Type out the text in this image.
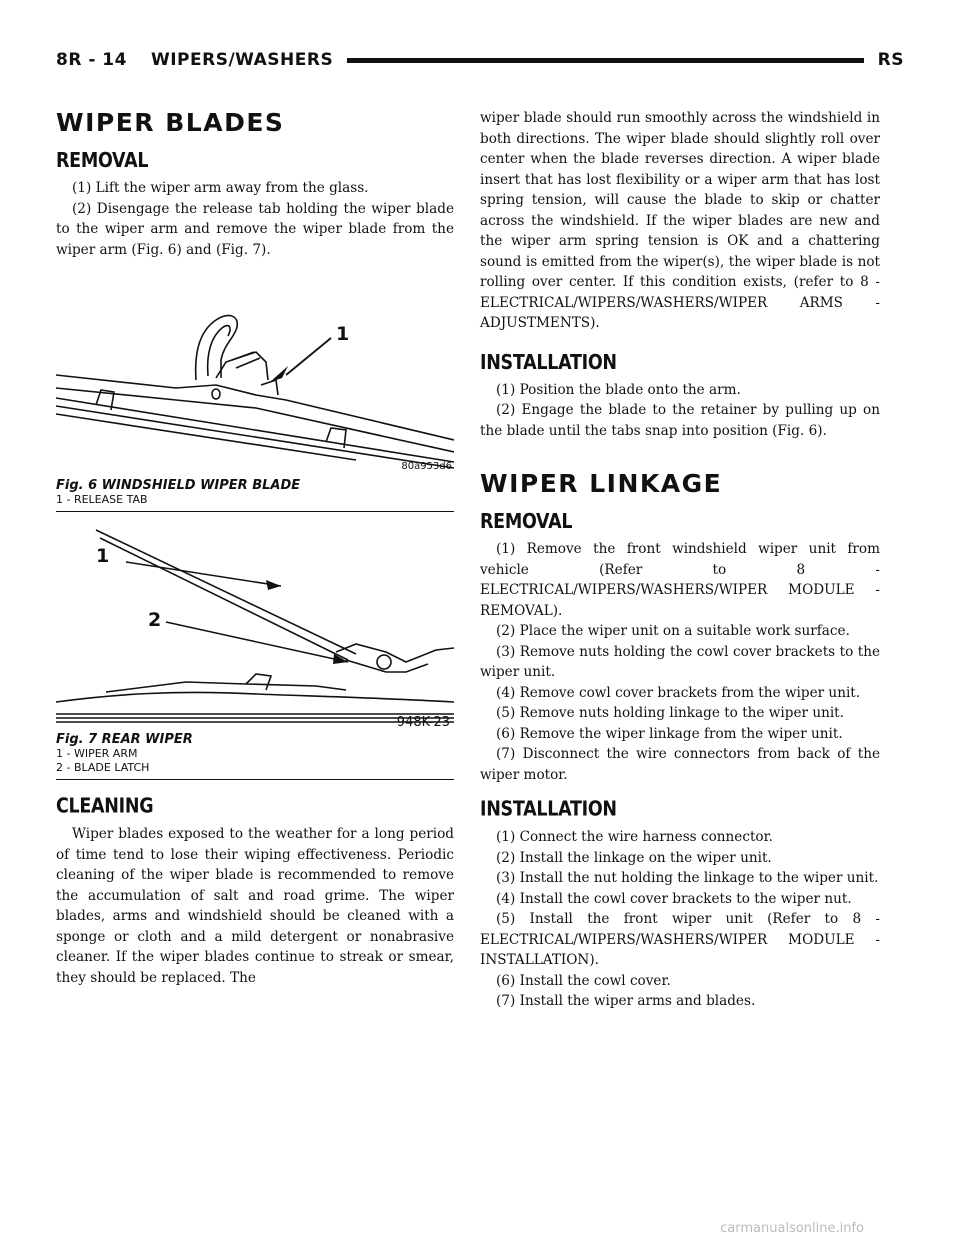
8R - 14 WIPERS/WASHERS	RS
WIPER BLADES
REMOVAL

(1) Lift the wiper arm away from the glass.

(2) Disengage the release tab holding the wiper blade to the wiper arm and remove the wiper blade from the wiper arm (Fig. 6) and (Fig. 7).

1
80a953d6
Fig. 6 WINDSHIELD WIPER BLADE
1 - RELEASE TAB
1
2
948K-23
Fig. 7 REAR WIPER
1 - WIPER ARM
2 - BLADE LATCH
CLEANING

Wiper blades exposed to the weather for a long period of time tend to lose their wiping effectiveness. Periodic cleaning of the wiper blade is recommended to remove the accumulation of salt and road grime. The wiper blades, arms and windshield should be cleaned with a sponge or cloth and a mild detergent or nonabrasive cleaner. If the wiper blades continue to streak or smear, they should be replaced. The

wiper blade should run smoothly across the windshield in both directions. The wiper blade should slightly roll over center when the blade reverses direction. A wiper blade insert that has lost flexibility or a wiper arm that has lost spring tension, will cause the blade to skip or chatter across the windshield. If the wiper blades are new and the wiper arm spring tension is OK and a chattering sound is emitted from the wiper(s), the wiper blade is not rolling over center. If this condition exists, (refer to 8 - ELECTRICAL/WIPERS/WASHERS/WIPER ARMS - ADJUSTMENTS).

INSTALLATION

(1) Position the blade onto the arm.

(2) Engage the blade to the retainer by pulling up on the blade until the tabs snap into position (Fig. 6).

WIPER LINKAGE
REMOVAL

(1) Remove the front windshield wiper unit from vehicle (Refer to 8 - ELECTRICAL/WIPERS/WASHERS/WIPER MODULE - REMOVAL).

(2) Place the wiper unit on a suitable work surface.

(3) Remove nuts holding the cowl cover brackets to the wiper unit.

(4) Remove cowl cover brackets from the wiper unit.

(5) Remove nuts holding linkage to the wiper unit.

(6) Remove the wiper linkage from the wiper unit.

(7) Disconnect the wire connectors from back of the wiper motor.

INSTALLATION

(1) Connect the wire harness connector.

(2) Install the linkage on the wiper unit.

(3) Install the nut holding the linkage to the wiper unit.

(4) Install the cowl cover brackets to the wiper nut.

(5) Install the front wiper unit (Refer to 8 - ELECTRICAL/WIPERS/WASHERS/WIPER MODULE - INSTALLATION).

(6) Install the cowl cover.

(7) Install the wiper arms and blades.

carmanualsonline.info
